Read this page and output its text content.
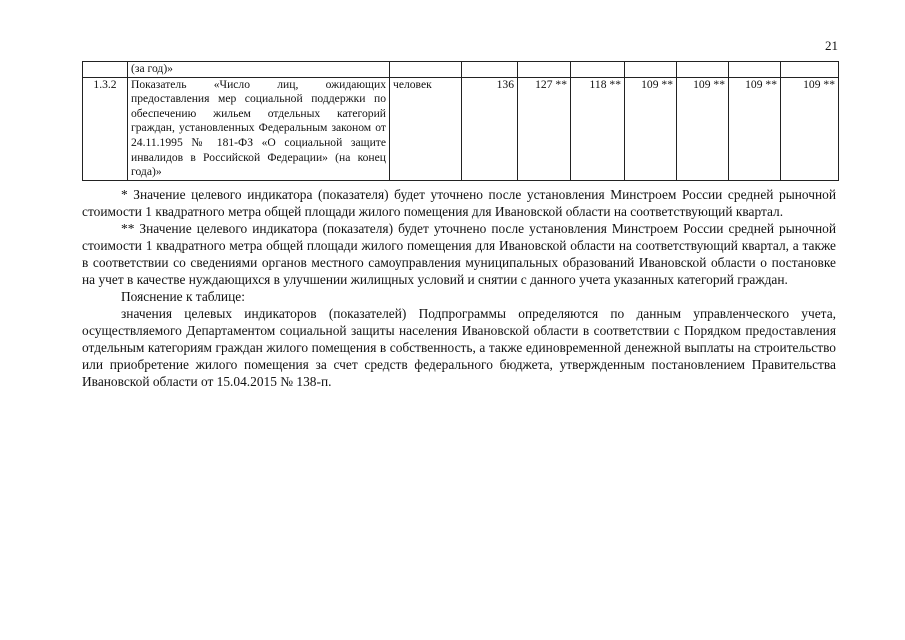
21
	(за год)»								
1.3.2	Показатель «Число лиц, ожидающих предоставления мер социальной поддержки по обеспечению жильем отдельных категорий граждан, установленных Федеральным законом от 24.11.1995 № 181-ФЗ «О социальной защите инвалидов в Российской Федерации» (на конец года)»	человек	136	127 **	118 **	109 **	109 **	109 **	109 **

* Значение целевого индикатора (показателя) будет уточнено после установления Минстроем России средней рыночной стоимости 1 квадратного метра общей площади жилого помещения для Ивановской области на соответствующий квартал.

** Значение целевого индикатора (показателя) будет уточнено после установления Минстроем России средней рыночной стоимости 1 квадратного метра общей площади жилого помещения для Ивановской области на соответствующий квартал, а также в соответствии со сведениями органов местного самоуправления муниципальных образований Ивановской области о постановке на учет в качестве нуждающихся в улучшении жилищных условий и снятии с данного учета указанных категорий граждан.

Пояснение к таблице:

значения целевых индикаторов (показателей) Подпрограммы определяются по данным управленческого учета, осуществляемого Департаментом социальной защиты населения Ивановской области в соответствии с Порядком предоставления отдельным категориям граждан жилого помещения в собственность, а также единовременной денежной выплаты на строительство или приобретение жилого помещения за счет средств федерального бюджета, утвержденным постановлением Правительства Ивановской области от 15.04.2015 № 138-п.
